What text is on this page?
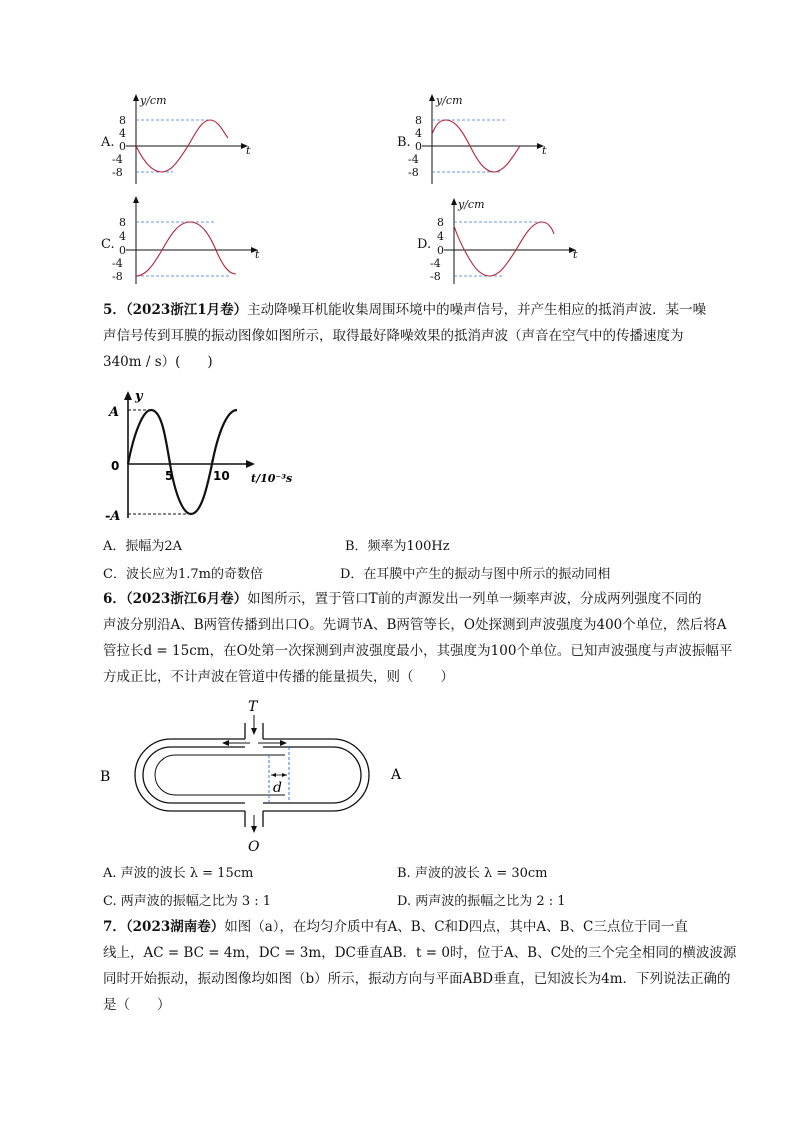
A.
8
4
0
-4
-8
y/cm
t
B.
8
4
0
-4
-8
y/cm
t
C.
8
4
0
-4
-8
t
D.
8
4
0
-4
-8
y/cm
t
5．（2023浙江1月卷）主动降噪耳机能收集周围环境中的噪声信号，并产生相应的抵消声波．某一噪
声信号传到耳膜的振动图像如图所示，取得最好降噪效果的抵消声波（声音在空气中的传播速度为
340m / s）(　　)
A
y
0
5	10 t/10⁻³s
-A
A．振幅为2A	B．频率为100Hz
C．波长应为1.7m的奇数倍	D．在耳膜中产生的振动与图中所示的振动同相
6．（2023浙江6月卷）如图所示，置于管口T前的声源发出一列单一频率声波，分成两列强度不同的
声波分别沿A、B两管传播到出口O。先调节A、B两管等长，O处探测到声波强度为400个单位，然后将A
管拉长d = 15cm，在O处第一次探测到声波强度最小，其强度为100个单位。已知声波强度与声波振幅平
方成正比，不计声波在管道中传播的能量损失，则（　　）
T
O
B	A
d
A. 声波的波长 λ = 15cm	B. 声波的波长 λ = 30cm
C. 两声波的振幅之比为 3 : 1	D. 两声波的振幅之比为 2 : 1
7．（2023湖南卷）如图（a），在均匀介质中有A、B、C和D四点，其中A、B、C三点位于同一直
线上，AC = BC = 4m，DC = 3m，DC垂直AB．t = 0时，位于A、B、C处的三个完全相同的横波波源
同时开始振动，振动图像均如图（b）所示，振动方向与平面ABD垂直，已知波长为4m．下列说法正确的
是（　　）
